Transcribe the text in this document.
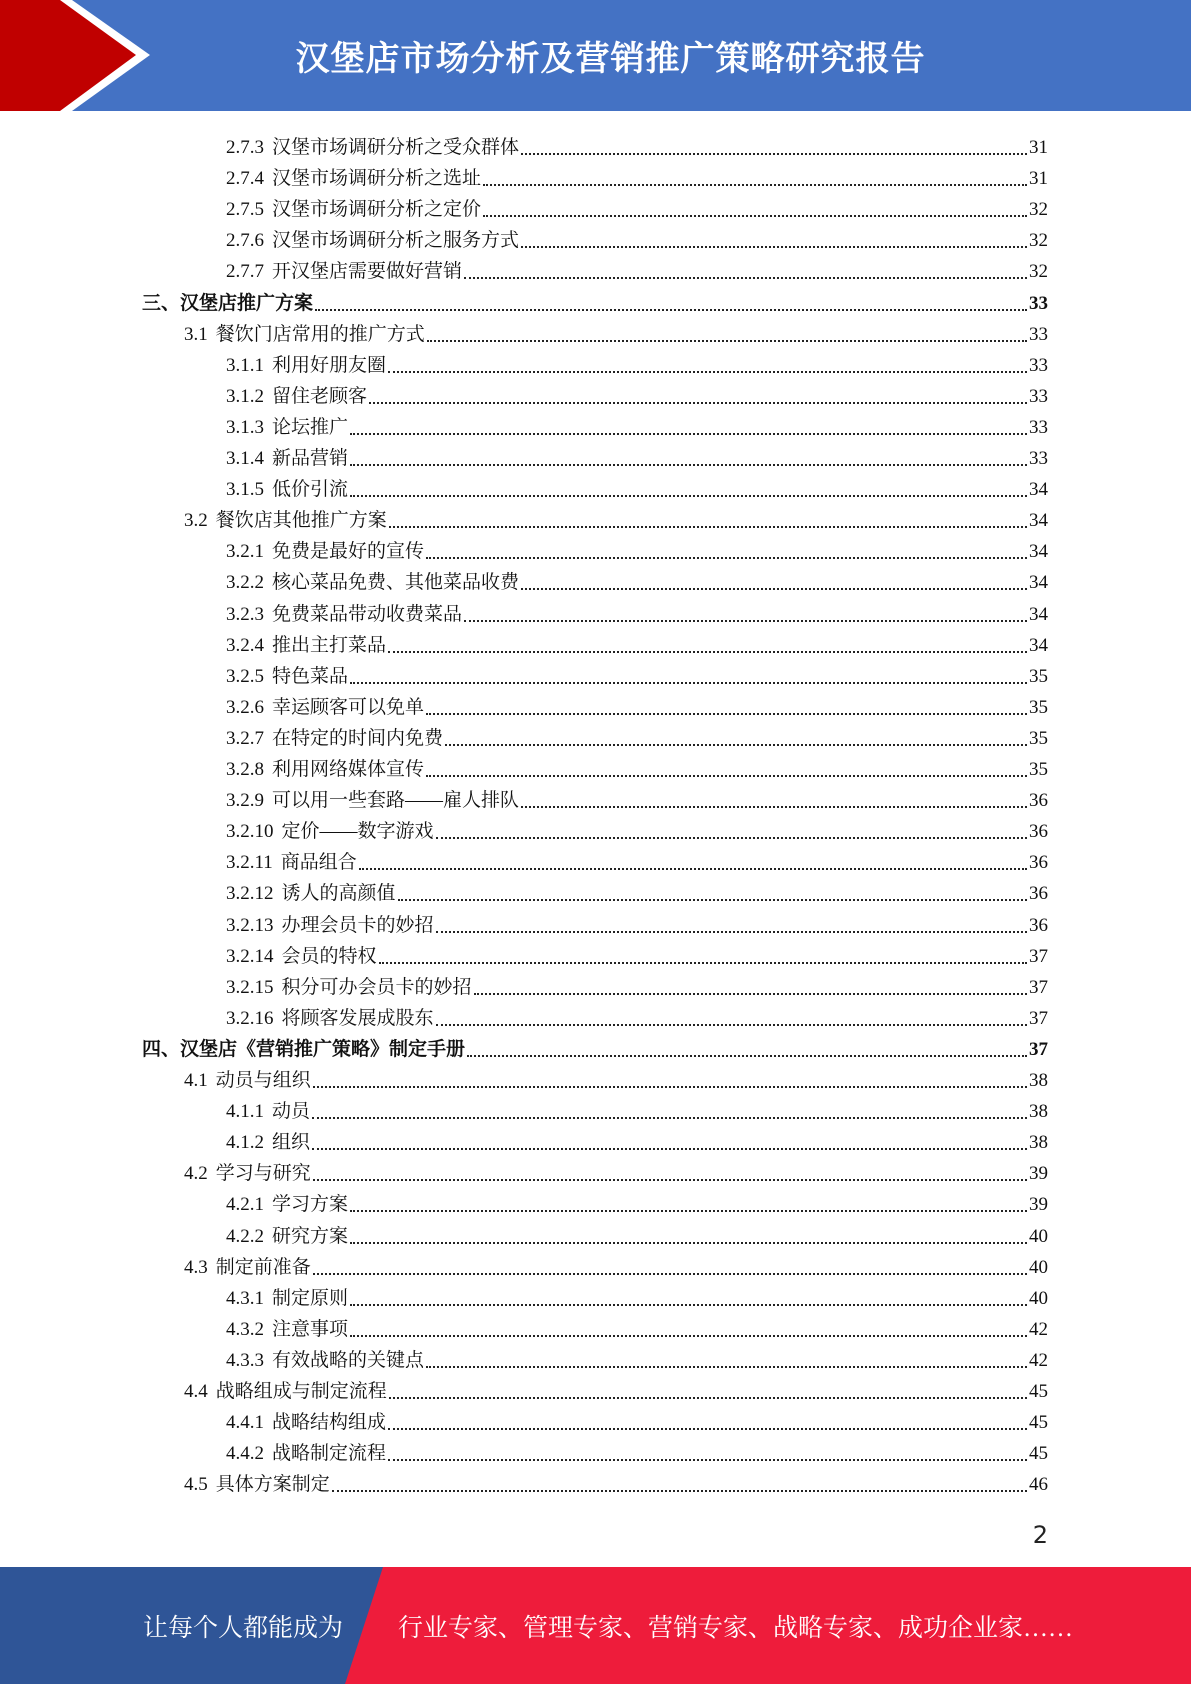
汉堡店市场分析及营销推广策略研究报告
2.7.3 汉堡市场调研分析之受众群体	31
2.7.4 汉堡市场调研分析之选址	31
2.7.5 汉堡市场调研分析之定价	32
2.7.6 汉堡市场调研分析之服务方式	32
2.7.7 开汉堡店需要做好营销	32
三、汉堡店推广方案	33
3.1 餐饮门店常用的推广方式	33
3.1.1 利用好朋友圈	33
3.1.2 留住老顾客	33
3.1.3 论坛推广	33
3.1.4 新品营销	33
3.1.5 低价引流	34
3.2 餐饮店其他推广方案	34
3.2.1 免费是最好的宣传	34
3.2.2 核心菜品免费、其他菜品收费	34
3.2.3 免费菜品带动收费菜品	34
3.2.4 推出主打菜品	34
3.2.5 特色菜品	35
3.2.6 幸运顾客可以免单	35
3.2.7 在特定的时间内免费	35
3.2.8 利用网络媒体宣传	35
3.2.9 可以用一些套路——雇人排队	36
3.2.10 定价——数字游戏	36
3.2.11 商品组合	36
3.2.12 诱人的高颜值	36
3.2.13 办理会员卡的妙招	36
3.2.14 会员的特权	37
3.2.15 积分可办会员卡的妙招	37
3.2.16 将顾客发展成股东	37
四、汉堡店《营销推广策略》制定手册	37
4.1 动员与组织	38
4.1.1 动员	38
4.1.2 组织	38
4.2 学习与研究	39
4.2.1 学习方案	39
4.2.2 研究方案	40
4.3 制定前准备	40
4.3.1 制定原则	40
4.3.2 注意事项	42
4.3.3 有效战略的关键点	42
4.4 战略组成与制定流程	45
4.4.1 战略结构组成	45
4.4.2 战略制定流程	45
4.5 具体方案制定	46
2
让每个人都能成为 行业专家、管理专家、营销专家、战略专家、成功企业家……
